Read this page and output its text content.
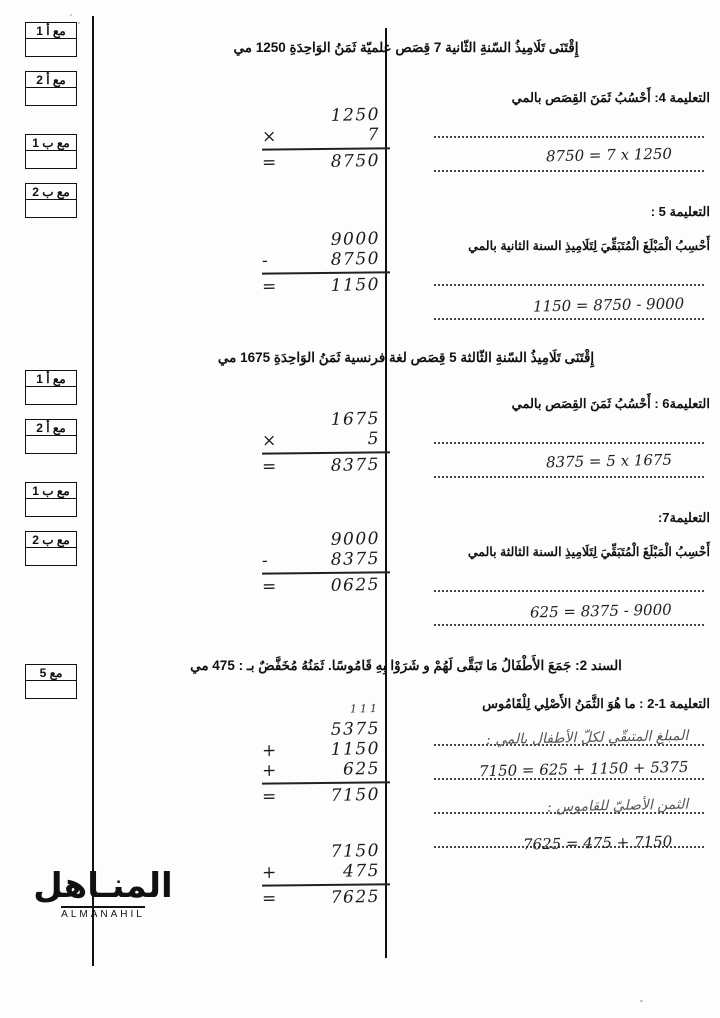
مع أ 1
مع أ 2
مع ب 1
مع ب 2
مع أ 1
مع أ 2
مع ب 1
مع ب 2
مع 5
إِقْتَنَى تَلَامِيذُ السّنةِ الثّانية 7 قِصَص علميّة ثَمَنُ الوَاحِدَةِ 1250 مي
التعليمة 4: أَحْسُبُ ثَمَنَ القِصَص بالمي
8750 = 7 x 1250
1250
×	7
=	8750
التعليمة 5 :
أَحْسِبُ الْمَبْلَغَ الْمُتَبَقِّيَ لِتَلَامِيذِ السنة الثانية بالمي
1150 = 8750 - 9000
9000
-	8750
=	1150
إِقْتَنَى تَلَامِيذُ السّنةِ الثّالثة 5 قِصَص لغة فرنسية ثَمَنُ الوَاحِدَةِ 1675 مي
التعليمة6 : أَحْسُبُ ثَمَنَ القِصَص بالمي
8375 = 5 x 1675
1675
×	5
=	8375
التعليمة7:
أَحْسِبُ الْمَبْلَغَ الْمُتَبَقِّيَ لِتَلَامِيذِ السنة الثالثة بالمي
625 = 8375 - 9000
9000
-	8375
=	0625
السند 2: جَمَعَ الأَطْفَالُ مَا تَبَقَّى لَهُمْ و شَرَوْا بِهِ قَامُوسًا. ثَمَنُهُ مُخَفَّضٌ بـ : 475 مي
التعليمة 1-2 : ما هُوَ الثَّمَنُ الأَصْلِي لِلْقَامُوس
المبلغ المتبقّي لكلّ الأطفال بالمي :
7150 = 625 + 1150 + 5375
الثمن الأصليّ للقاموس :
7625 = 475 + 7150
111
5375
+	1150
+	625
=	7150
7150
+	475
=	7625
المنـاهل
ALMANAHIL
